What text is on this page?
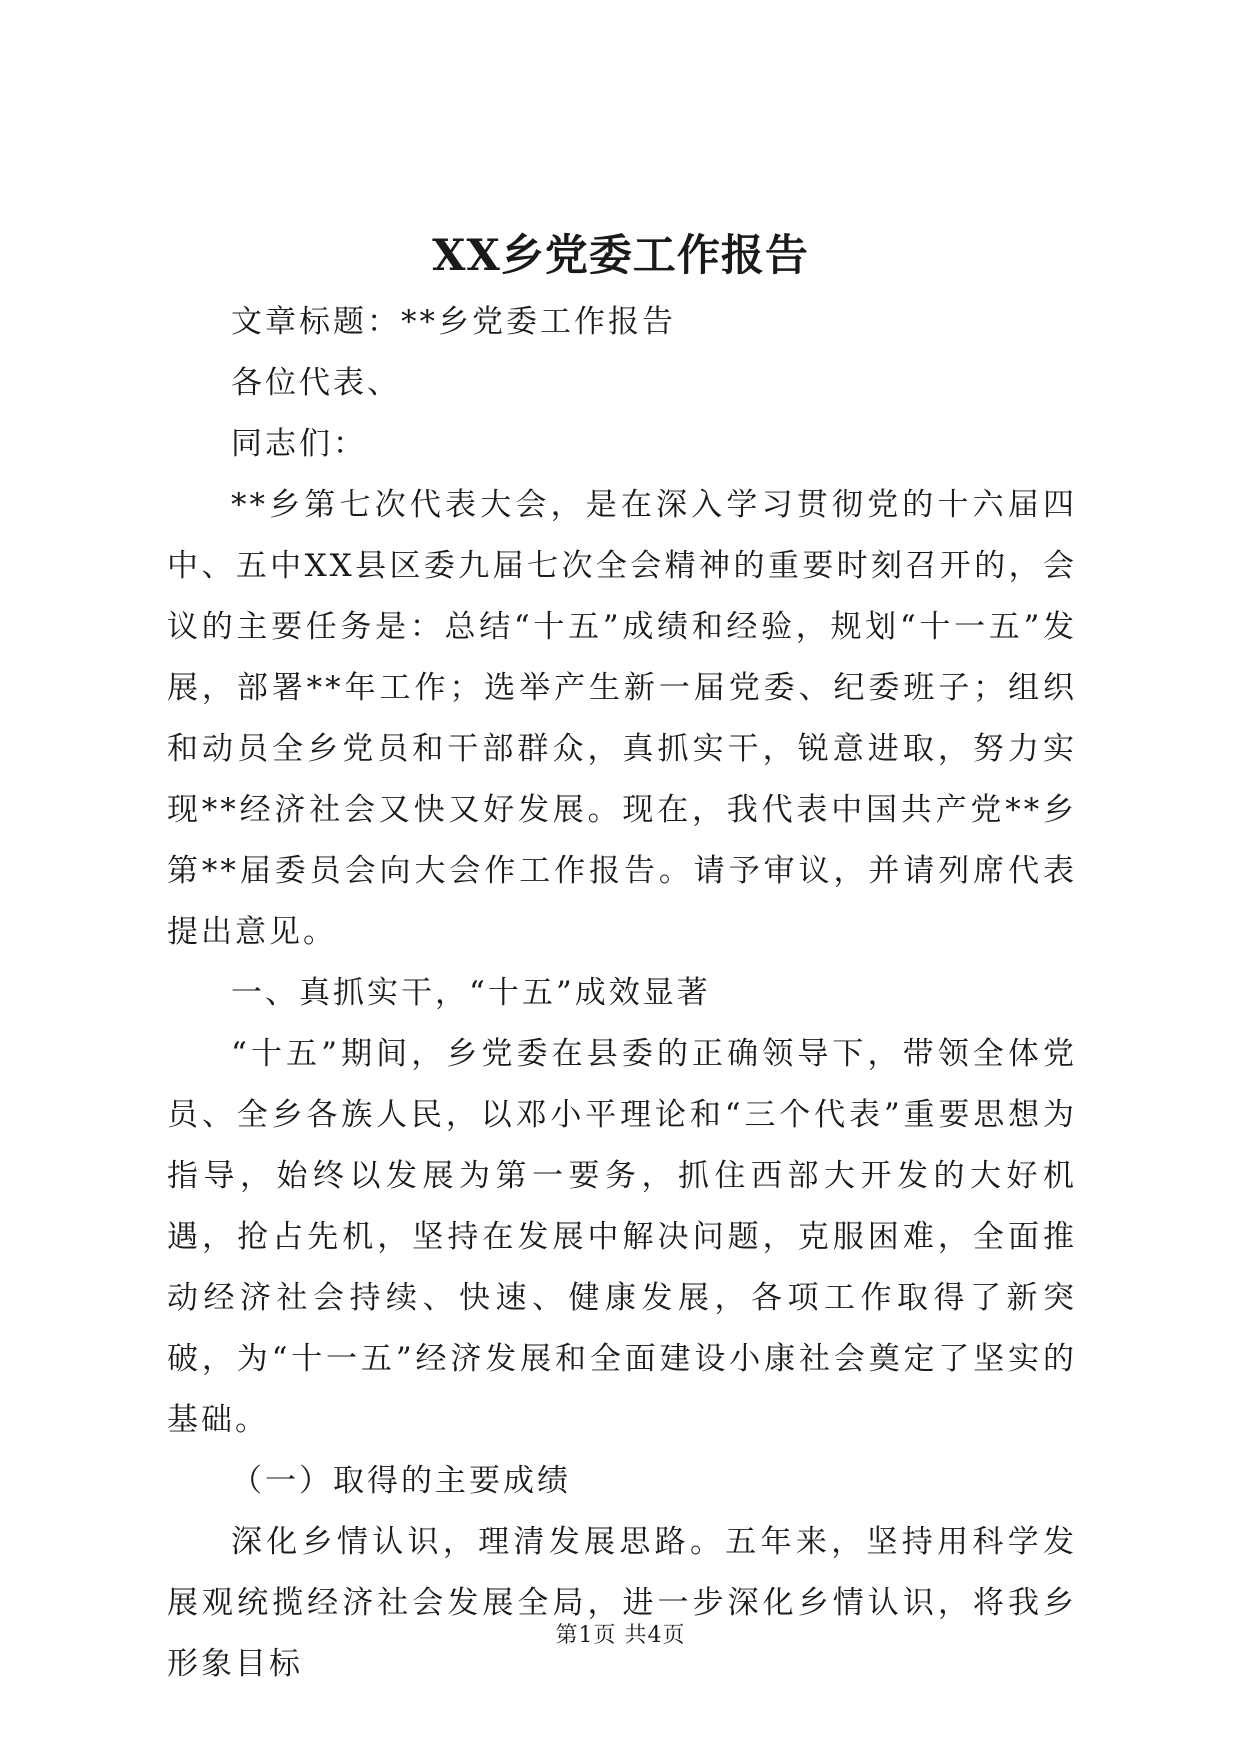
XX乡党委工作报告

文章标题：**乡党委工作报告

各位代表、

同志们：

**乡第七次代表大会，是在深入学习贯彻党的十六届四中、五中XX县区委九届七次全会精神的重要时刻召开的，会议的主要任务是：总结“十五”成绩和经验，规划“十一五”发展，部署**年工作；选举产生新一届党委、纪委班子；组织和动员全乡党员和干部群众，真抓实干，锐意进取，努力实现**经济社会又快又好发展。现在，我代表中国共产党**乡第**届委员会向大会作工作报告。请予审议，并请列席代表提出意见。

一、真抓实干，“十五”成效显著

“十五”期间，乡党委在县委的正确领导下，带领全体党员、全乡各族人民，以邓小平理论和“三个代表”重要思想为指导，始终以发展为第一要务，抓住西部大开发的大好机遇，抢占先机，坚持在发展中解决问题，克服困难，全面推动经济社会持续、快速、健康发展，各项工作取得了新突破，为“十一五”经济发展和全面建设小康社会奠定了坚实的基础。

（一）取得的主要成绩

深化乡情认识，理清发展思路。五年来，坚持用科学发展观统揽经济社会发展全局，进一步深化乡情认识，将我乡形象目标

第1页 共4页
